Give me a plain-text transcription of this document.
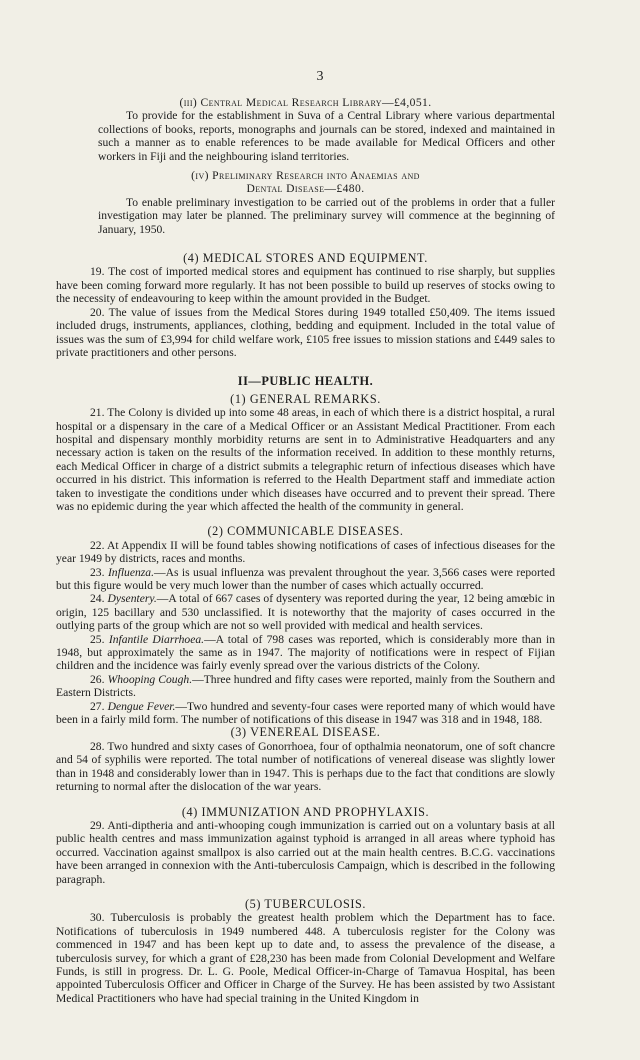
3

(iii) Central Medical Research Library—£4,051.

To provide for the establishment in Suva of a Central Library where various departmental collections of books, reports, monographs and journals can be stored, indexed and maintained in such a manner as to enable references to be made available for Medical Officers and other workers in Fiji and the neighbouring island territories.

(iv) Preliminary Research into Anaemias and

Dental Disease—£480.

To enable preliminary investigation to be carried out of the problems in order that a fuller investigation may later be planned. The preliminary survey will commence at the beginning of January, 1950.

(4) MEDICAL STORES AND EQUIPMENT.

19. The cost of imported medical stores and equipment has continued to rise sharply, but supplies have been coming forward more regularly. It has not been possible to build up reserves of stocks owing to the necessity of endeavouring to keep within the amount provided in the Budget.

20. The value of issues from the Medical Stores during 1949 totalled £50,409. The items issued included drugs, instruments, appliances, clothing, bedding and equipment. Included in the total value of issues was the sum of £3,994 for child welfare work, £105 free issues to mission stations and £449 sales to private practitioners and other persons.

II—PUBLIC HEALTH.

(1) GENERAL REMARKS.

21. The Colony is divided up into some 48 areas, in each of which there is a district hospital, a rural hospital or a dispensary in the care of a Medical Officer or an Assistant Medical Practitioner. From each hospital and dispensary monthly morbidity returns are sent in to Administrative Headquarters and any necessary action is taken on the results of the information received. In addition to these monthly returns, each Medical Officer in charge of a district submits a telegraphic return of infectious diseases which have occurred in his district. This information is referred to the Health Department staff and immediate action taken to investigate the conditions under which diseases have occurred and to prevent their spread. There was no epidemic during the year which affected the health of the community in general.

(2) COMMUNICABLE DISEASES.

22. At Appendix II will be found tables showing notifications of cases of infectious diseases for the year 1949 by districts, races and months.

23. Influenza.—As is usual influenza was prevalent throughout the year. 3,566 cases were reported but this figure would be very much lower than the number of cases which actually occurred.

24. Dysentery.—A total of 667 cases of dysentery was reported during the year, 12 being amœbic in origin, 125 bacillary and 530 unclassified. It is noteworthy that the majority of cases occurred in the outlying parts of the group which are not so well provided with medical and health services.

25. Infantile Diarrhoea.—A total of 798 cases was reported, which is considerably more than in 1948, but approximately the same as in 1947. The majority of notifications were in respect of Fijian children and the incidence was fairly evenly spread over the various districts of the Colony.

26. Whooping Cough.—Three hundred and fifty cases were reported, mainly from the Southern and Eastern Districts.

27. Dengue Fever.—Two hundred and seventy-four cases were reported many of which would have been in a fairly mild form. The number of notifications of this disease in 1947 was 318 and in 1948, 188.

(3) VENEREAL DISEASE.

28. Two hundred and sixty cases of Gonorrhoea, four of opthalmia neonatorum, one of soft chancre and 54 of syphilis were reported. The total number of notifications of venereal disease was slightly lower than in 1948 and considerably lower than in 1947. This is perhaps due to the fact that conditions are slowly returning to normal after the dislocation of the war years.

(4) IMMUNIZATION AND PROPHYLAXIS.

29. Anti-diptheria and anti-whooping cough immunization is carried out on a voluntary basis at all public health centres and mass immunization against typhoid is arranged in all areas where typhoid has occurred. Vaccination against smallpox is also carried out at the main health centres. B.C.G. vaccinations have been arranged in connexion with the Anti-tuberculosis Campaign, which is described in the following paragraph.

(5) TUBERCULOSIS.

30. Tuberculosis is probably the greatest health problem which the Department has to face. Notifications of tuberculosis in 1949 numbered 448. A tuberculosis register for the Colony was commenced in 1947 and has been kept up to date and, to assess the prevalence of the disease, a tuberculosis survey, for which a grant of £28,230 has been made from Colonial Development and Welfare Funds, is still in progress. Dr. L. G. Poole, Medical Officer-in-Charge of Tamavua Hospital, has been appointed Tuberculosis Officer and Officer in Charge of the Survey. He has been assisted by two Assistant Medical Practitioners who have had special training in the United Kingdom in
